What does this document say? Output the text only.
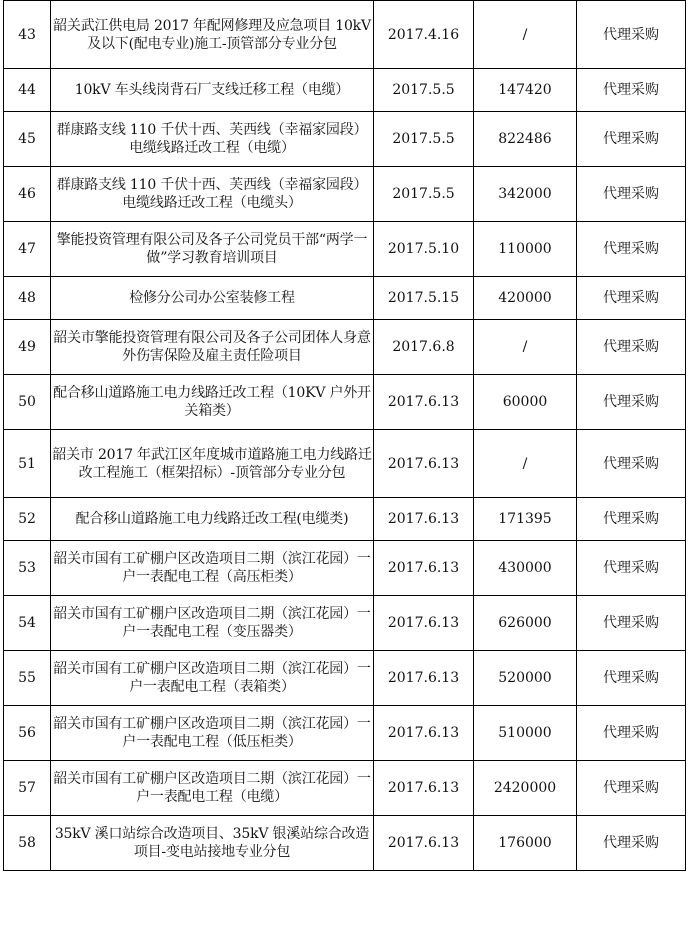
43	韶关武江供电局 2017 年配网修理及应急项目 10kV 及以下(配电专业)施工-顶管部分专业分包	2017.4.16	/	代理采购
44	10kV 车头线岗背石厂支线迁移工程（电缆）	2017.5.5	147420	代理采购
45	群康路支线 110 千伏十西、芙西线（幸福家园段）电缆线路迁改工程（电缆）	2017.5.5	822486	代理采购
46	群康路支线 110 千伏十西、芙西线（幸福家园段）电缆线路迁改工程（电缆头）	2017.5.5	342000	代理采购
47	擎能投资管理有限公司及各子公司党员干部“两学一做”学习教育培训项目	2017.5.10	110000	代理采购
48	检修分公司办公室装修工程	2017.5.15	420000	代理采购
49	韶关市擎能投资管理有限公司及各子公司团体人身意外伤害保险及雇主责任险项目	2017.6.8	/	代理采购
50	配合移山道路施工电力线路迁改工程（10KV 户外开关箱类）	2017.6.13	60000	代理采购
51	韶关市 2017 年武江区年度城市道路施工电力线路迁改工程施工（框架招标）-顶管部分专业分包	2017.6.13	/	代理采购
52	配合移山道路施工电力线路迁改工程(电缆类)	2017.6.13	171395	代理采购
53	韶关市国有工矿棚户区改造项目二期（滨江花园）一户一表配电工程（高压柜类）	2017.6.13	430000	代理采购
54	韶关市国有工矿棚户区改造项目二期（滨江花园）一户一表配电工程（变压器类）	2017.6.13	626000	代理采购
55	韶关市国有工矿棚户区改造项目二期（滨江花园）一户一表配电工程（表箱类）	2017.6.13	520000	代理采购
56	韶关市国有工矿棚户区改造项目二期（滨江花园）一户一表配电工程（低压柜类）	2017.6.13	510000	代理采购
57	韶关市国有工矿棚户区改造项目二期（滨江花园）一户一表配电工程（电缆）	2017.6.13	2420000	代理采购
58	35kV 溪口站综合改造项目、35kV 银溪站综合改造项目-变电站接地专业分包	2017.6.13	176000	代理采购
